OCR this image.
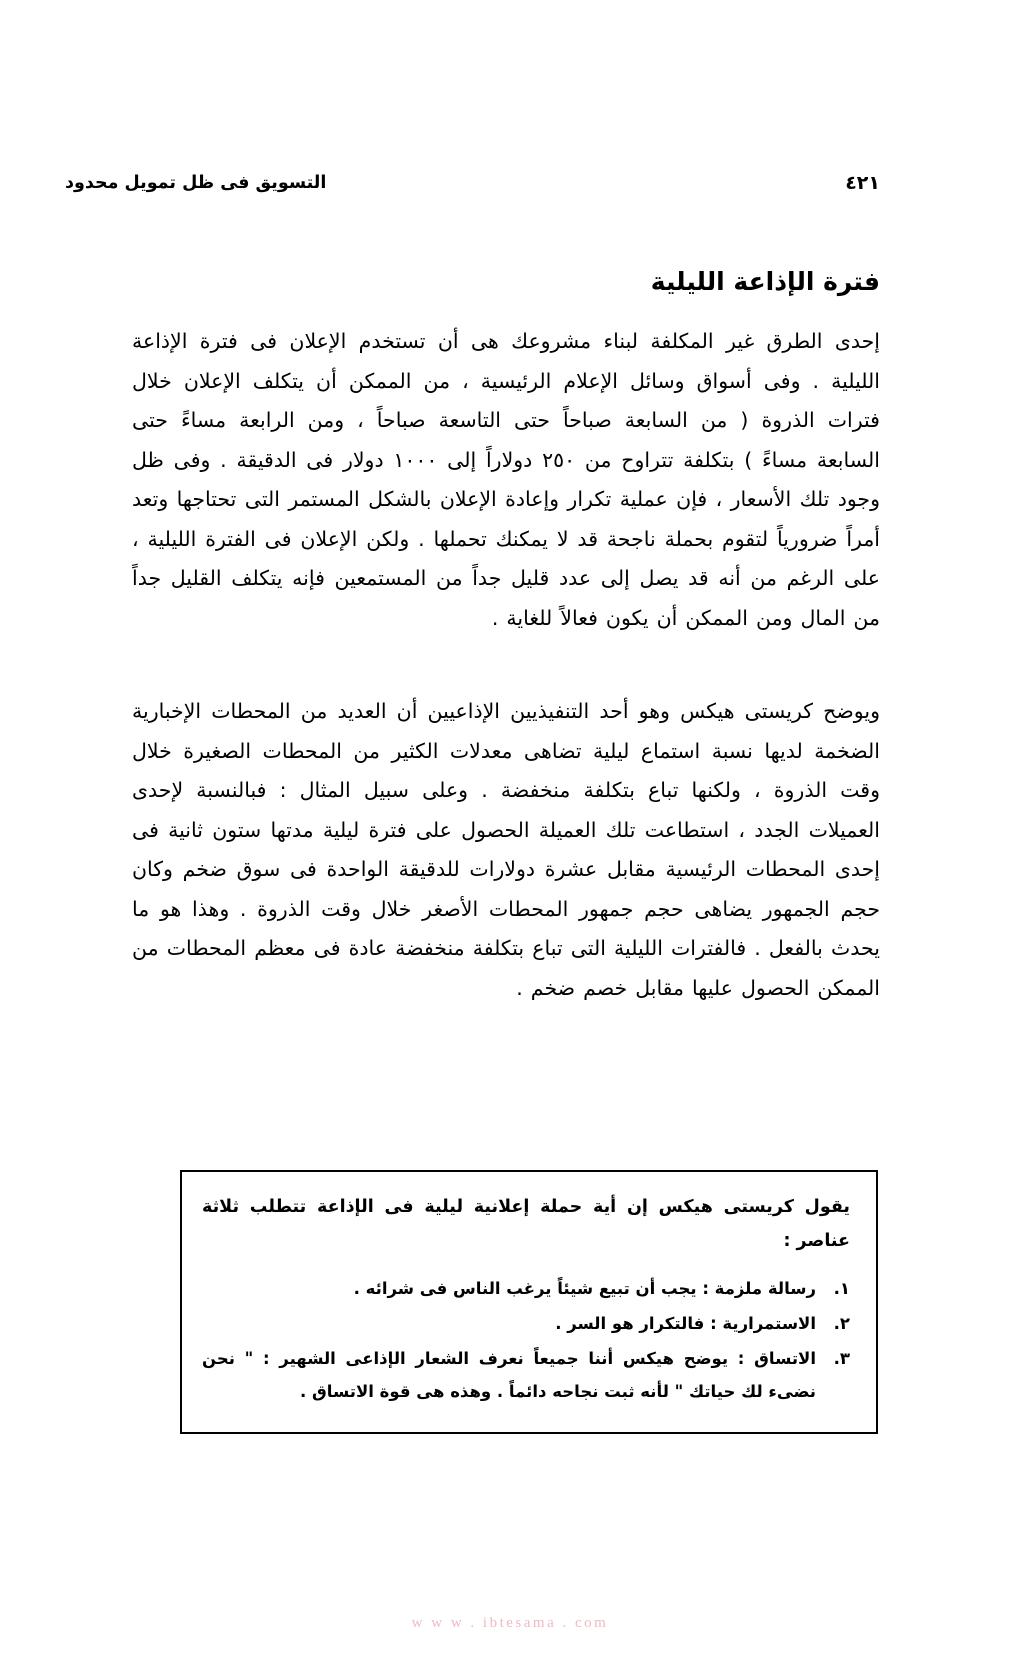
التسويق فى ظل تمويل محدود	٤٢١
فترة الإذاعة الليلية

إحدى الطرق غير المكلفة لبناء مشروعك هى أن تستخدم الإعلان فى فترة الإذاعة الليلية . وفى أسواق وسائل الإعلام الرئيسية ، من الممكن أن يتكلف الإعلان خلال فترات الذروة ( من السابعة صباحاً حتى التاسعة صباحاً ، ومن الرابعة مساءً حتى السابعة مساءً ) بتكلفة تتراوح من ٢٥٠ دولاراً إلى ١٠٠٠ دولار فى الدقيقة . وفى ظل وجود تلك الأسعار ، فإن عملية تكرار وإعادة الإعلان بالشكل المستمر التى تحتاجها وتعد أمراً ضرورياً لتقوم بحملة ناجحة قد لا يمكنك تحملها . ولكن الإعلان فى الفترة الليلية ، على الرغم من أنه قد يصل إلى عدد قليل جداً من المستمعين فإنه يتكلف القليل جداً من المال ومن الممكن أن يكون فعالاً للغاية .

ويوضح كريستى هيكس وهو أحد التنفيذيين الإذاعيين أن العديد من المحطات الإخبارية الضخمة لديها نسبة استماع ليلية تضاهى معدلات الكثير من المحطات الصغيرة خلال وقت الذروة ، ولكنها تباع بتكلفة منخفضة . وعلى سبيل المثال : فبالنسبة لإحدى العميلات الجدد ، استطاعت تلك العميلة الحصول على فترة ليلية مدتها ستون ثانية فى إحدى المحطات الرئيسية مقابل عشرة دولارات للدقيقة الواحدة فى سوق ضخم وكان حجم الجمهور يضاهى حجم جمهور المحطات الأصغر خلال وقت الذروة . وهذا هو ما يحدث بالفعل . فالفترات الليلية التى تباع بتكلفة منخفضة عادة فى معظم المحطات من الممكن الحصول عليها مقابل خصم ضخم .

يقول كريستى هيكس إن أية حملة إعلانية ليلية فى الإذاعة تتطلب ثلاثة عناصر :

١.
رسالة ملزمة : يجب أن تبيع شيئاً يرغب الناس فى شرائه .
٢.
الاستمرارية : فالتكرار هو السر .
٣.
الاتساق : يوضح هيكس أننا جميعاً نعرف الشعار الإذاعى الشهير : " نحن نضىء لك حياتك " لأنه ثبت نجاحه دائماً . وهذه هى قوة الاتساق .
w w w . ibtesama . com
